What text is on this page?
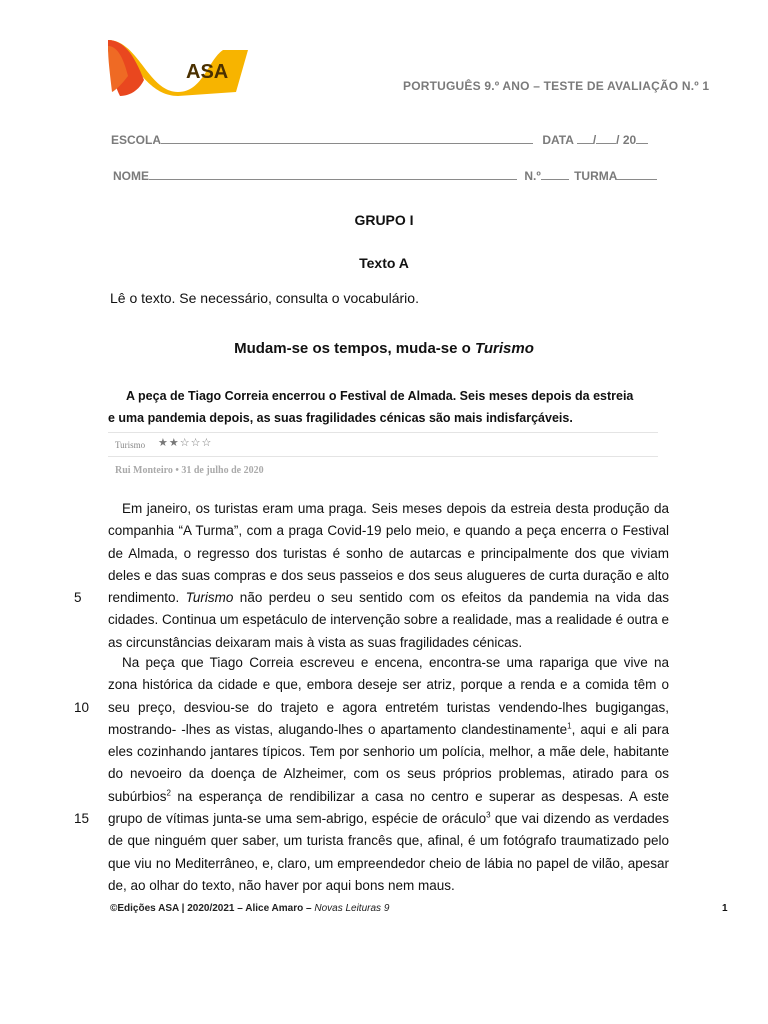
ASA
PORTUGUÊS 9.º ANO – TESTE DE AVALIAÇÃO N.º 1
ESCOLA	DATA / / 20
NOME	N.º	TURMA
GRUPO I
Texto A
Lê o texto. Se necessário, consulta o vocabulário.
Mudam-se os tempos, muda-se o Turismo
A peça de Tiago Correia encerrou o Festival de Almada. Seis meses depois da estreia
e uma pandemia depois, as suas fragilidades cénicas são mais indisfarçáveis.
Turismo ★★☆☆☆
Rui Monteiro • 31 de julho de 2020

Em janeiro, os turistas eram uma praga. Seis meses depois da estreia desta produção da companhia “A Turma”, com a praga Covid-19 pelo meio, e quando a peça encerra o Festival de Almada, o regresso dos turistas é sonho de autarcas e principalmente dos que viviam deles e das suas compras e dos seus passeios e dos seus alugueres de curta duração e alto rendimento. Turismo não perdeu o seu sentido com os efeitos da pandemia na vida das cidades. Continua um espetáculo de intervenção sobre a realidade, mas a realidade é outra e as circunstâncias deixaram mais à vista as suas fragilidades cénicas.

Na peça que Tiago Correia escreveu e encena, encontra-se uma rapariga que vive na zona histórica da cidade e que, embora deseje ser atriz, porque a renda e a comida têm o seu preço, desviou-se do trajeto e agora entretém turistas vendendo-lhes bugigangas, mostrando- -lhes as vistas, alugando-lhes o apartamento clandestinamente$^1$, aqui e ali para eles cozinhando jantares típicos. Tem por senhorio um polícia, melhor, a mãe dele, habitante do nevoeiro da doença de Alzheimer, com os seus próprios problemas, atirado para os subúrbios$^2$ na esperança de rendibilizar a casa no centro e superar as despesas. A este grupo de vítimas junta-se uma sem-abrigo, espécie de oráculo$^3$ que vai dizendo as verdades de que ninguém quer saber, um turista francês que, afinal, é um fotógrafo traumatizado pelo que viu no Mediterrâneo, e, claro, um empreendedor cheio de lábia no papel de vilão, apesar de, ao olhar do texto, não haver por aqui bons nem maus.

5
10
15
©Edições ASA | 2020/2021 – Alice Amaro – Novas Leituras 9	1
